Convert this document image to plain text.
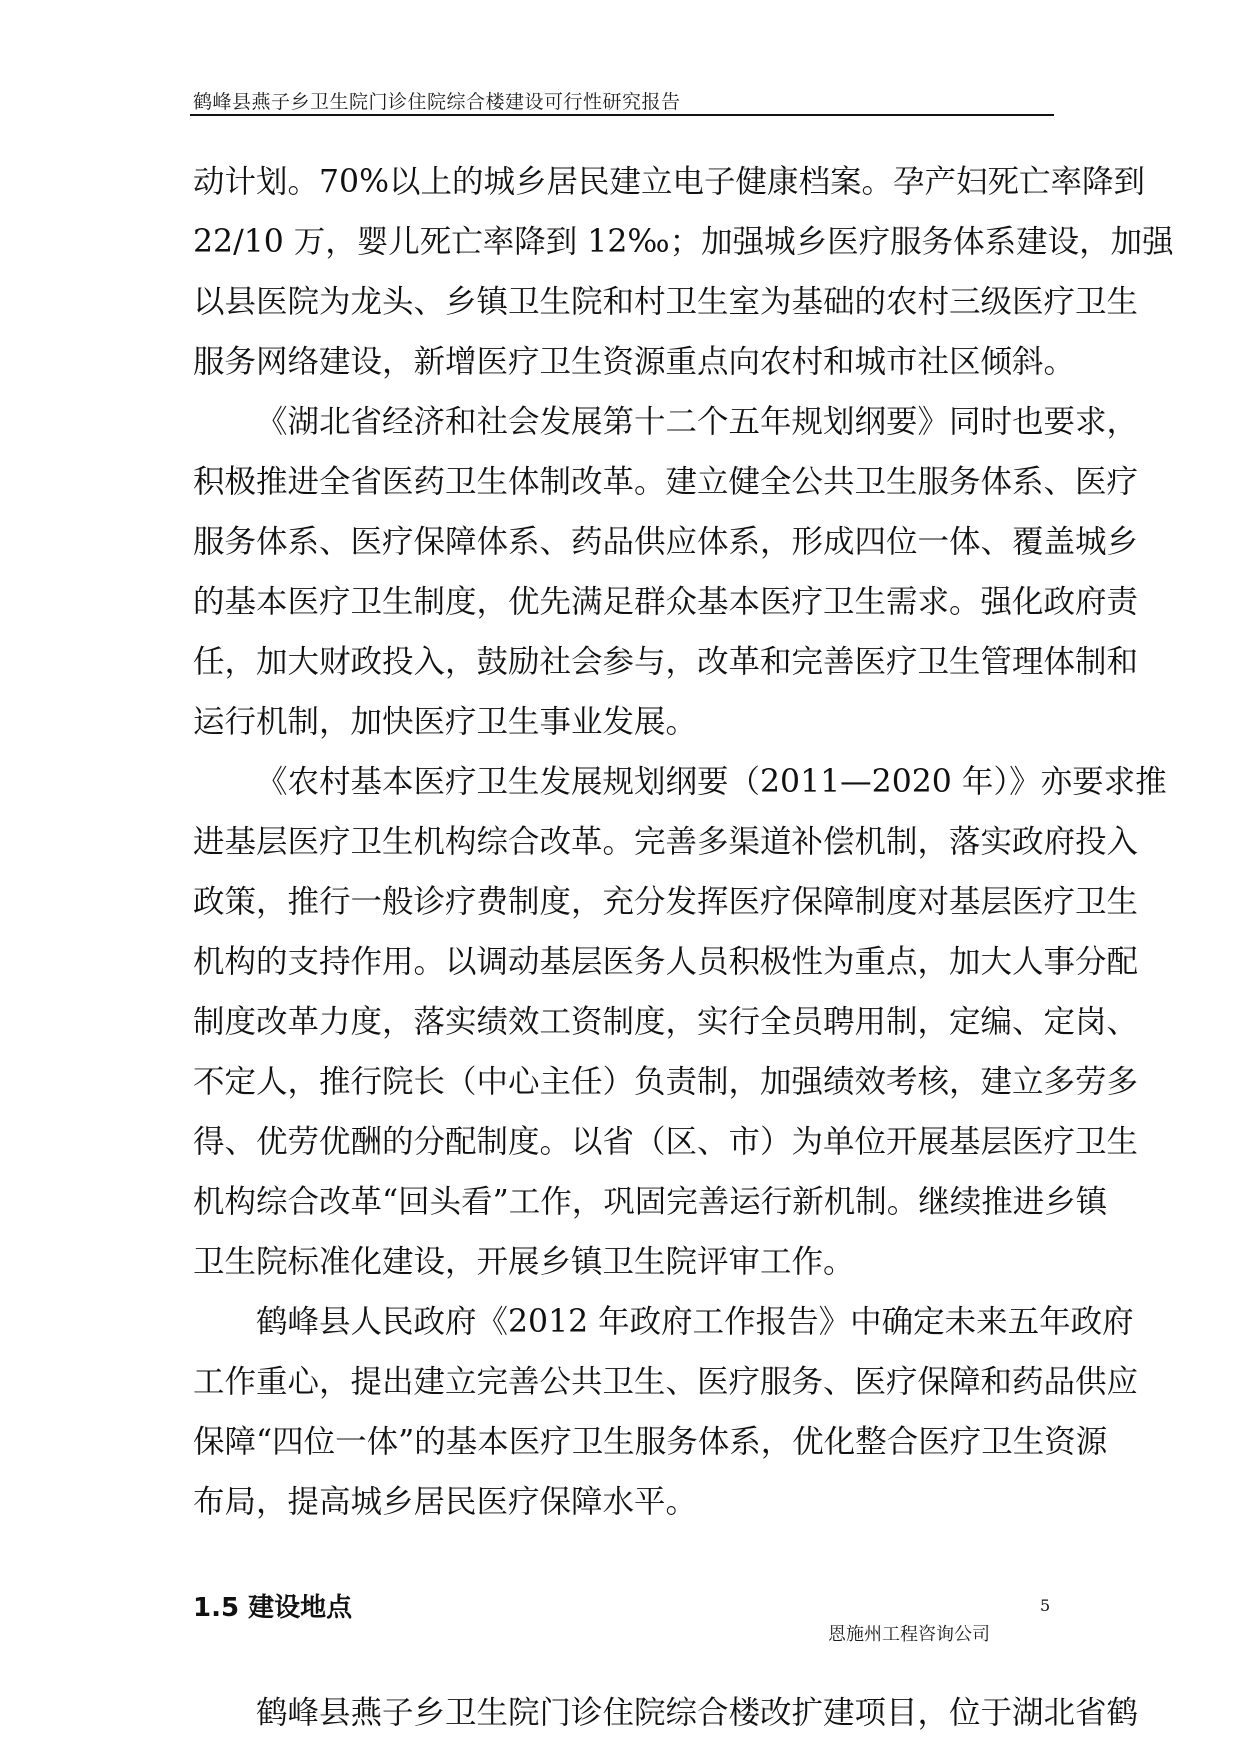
鹤峰县燕子乡卫生院门诊住院综合楼建设可行性研究报告
动计划。70%以上的城乡居民建立电子健康档案。孕产妇死亡率降到
22/10 万，婴儿死亡率降到 12‰；加强城乡医疗服务体系建设，加强
以县医院为龙头、乡镇卫生院和村卫生室为基础的农村三级医疗卫生
服务网络建设，新增医疗卫生资源重点向农村和城市社区倾斜。
《湖北省经济和社会发展第十二个五年规划纲要》同时也要求，
积极推进全省医药卫生体制改革。建立健全公共卫生服务体系、医疗
服务体系、医疗保障体系、药品供应体系，形成四位一体、覆盖城乡
的基本医疗卫生制度，优先满足群众基本医疗卫生需求。强化政府责
任，加大财政投入，鼓励社会参与，改革和完善医疗卫生管理体制和
运行机制，加快医疗卫生事业发展。
《农村基本医疗卫生发展规划纲要（2011—2020 年）》亦要求推
进基层医疗卫生机构综合改革。完善多渠道补偿机制，落实政府投入
政策，推行一般诊疗费制度，充分发挥医疗保障制度对基层医疗卫生
机构的支持作用。以调动基层医务人员积极性为重点，加大人事分配
制度改革力度，落实绩效工资制度，实行全员聘用制，定编、定岗、
不定人，推行院长（中心主任）负责制，加强绩效考核，建立多劳多
得、优劳优酬的分配制度。以省（区、市）为单位开展基层医疗卫生
机构综合改革“回头看”工作，巩固完善运行新机制。继续推进乡镇
卫生院标准化建设，开展乡镇卫生院评审工作。
鹤峰县人民政府《2012 年政府工作报告》中确定未来五年政府
工作重心，提出建立完善公共卫生、医疗服务、医疗保障和药品供应
保障“四位一体”的基本医疗卫生服务体系，优化整合医疗卫生资源
布局，提高城乡居民医疗保障水平。
1.5 建设地点
鹤峰县燕子乡卫生院门诊住院综合楼改扩建项目，位于湖北省鹤
5
恩施州工程咨询公司
